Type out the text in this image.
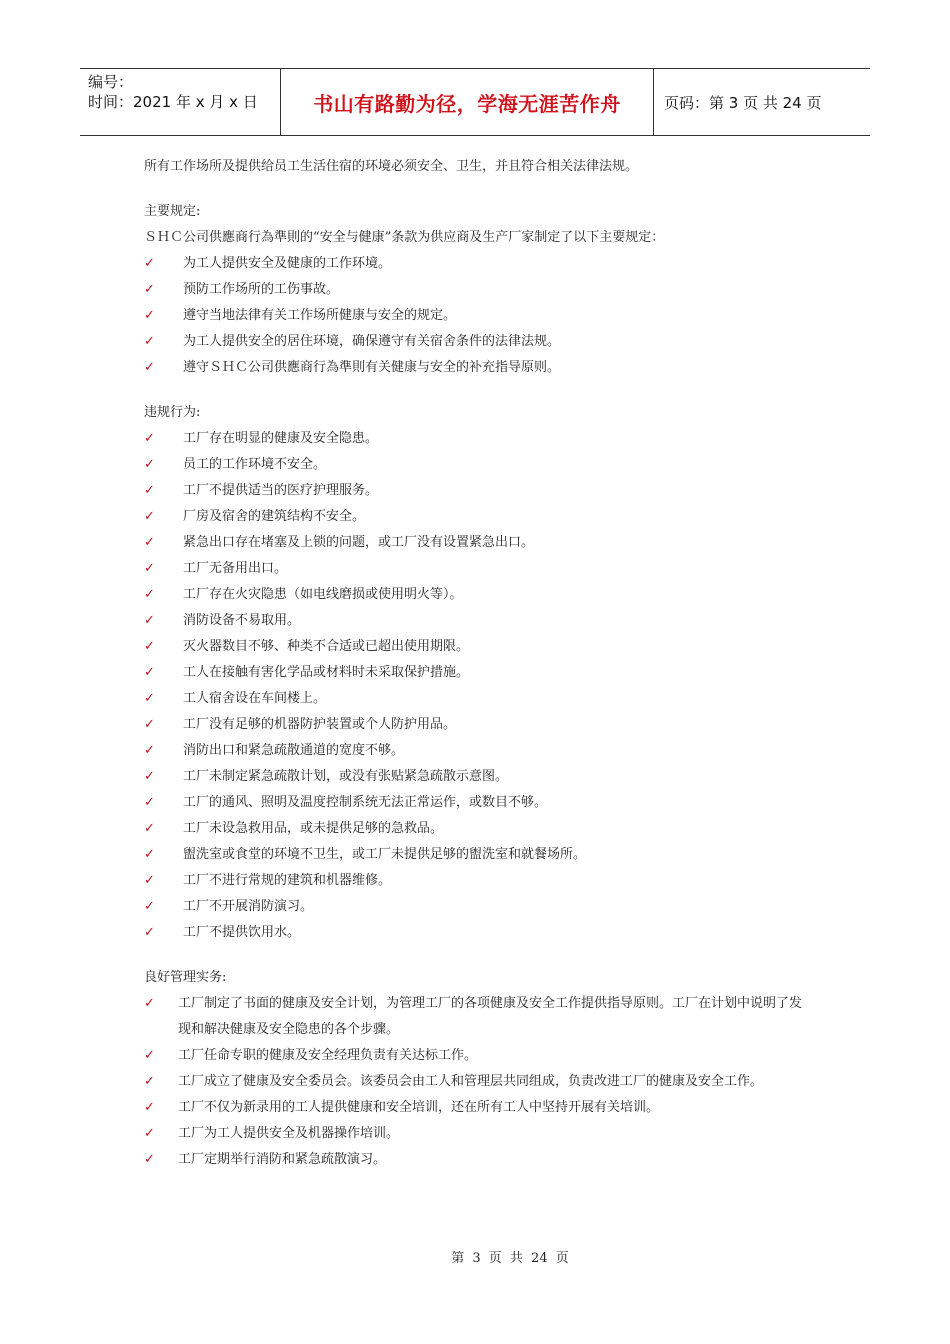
编号：
时间：2021 年 x 月 x 日	书山有路勤为径，学海无涯苦作舟	页码：第 3 页 共 24 页

所有工作场所及提供给员工生活住宿的环境必须安全、卫生，并且符合相关法律法规。

主要规定:

ＳＨＣ公司供應商行為準則的“安全与健康”条款为供应商及生产厂家制定了以下主要规定：

✓ 为工人提供安全及健康的工作环境。
✓ 预防工作场所的工伤事故。
✓ 遵守当地法律有关工作场所健康与安全的规定。
✓ 为工人提供安全的居住环境，确保遵守有关宿舍条件的法律法规。
✓ 遵守ＳＨＣ公司供應商行為準則有关健康与安全的补充指导原则。

违规行为:

✓ 工厂存在明显的健康及安全隐患。
✓ 员工的工作环境不安全。
✓ 工厂不提供适当的医疗护理服务。
✓ 厂房及宿舍的建筑结构不安全。
✓ 紧急出口存在堵塞及上锁的问题，或工厂没有设置紧急出口。
✓ 工厂无备用出口。
✓ 工厂存在火灾隐患（如电线磨损或使用明火等）。
✓ 消防设备不易取用。
✓ 灭火器数目不够、种类不合适或已超出使用期限。
✓ 工人在接触有害化学品或材料时未采取保护措施。
✓ 工人宿舍设在车间楼上。
✓ 工厂没有足够的机器防护装置或个人防护用品。
✓ 消防出口和紧急疏散通道的宽度不够。
✓ 工厂未制定紧急疏散计划，或没有张贴紧急疏散示意图。
✓ 工厂的通风、照明及温度控制系统无法正常运作，或数目不够。
✓ 工厂未设急救用品，或未提供足够的急救品。
✓ 盥洗室或食堂的环境不卫生，或工厂未提供足够的盥洗室和就餐场所。
✓ 工厂不进行常规的建筑和机器维修。
✓ 工厂不开展消防演习。
✓ 工厂不提供饮用水。

良好管理实务:

✓ 工厂制定了书面的健康及安全计划，为管理工厂的各项健康及安全工作提供指导原则。工厂在计划中说明了发现和解决健康及安全隐患的各个步骤。
✓ 工厂任命专职的健康及安全经理负责有关达标工作。
✓ 工厂成立了健康及安全委员会。该委员会由工人和管理层共同组成，负责改进工厂的健康及安全工作。
✓ 工厂不仅为新录用的工人提供健康和安全培训，还在所有工人中坚持开展有关培训。
✓ 工厂为工人提供安全及机器操作培训。
✓ 工厂定期举行消防和紧急疏散演习。
第 3 页 共 24 页
